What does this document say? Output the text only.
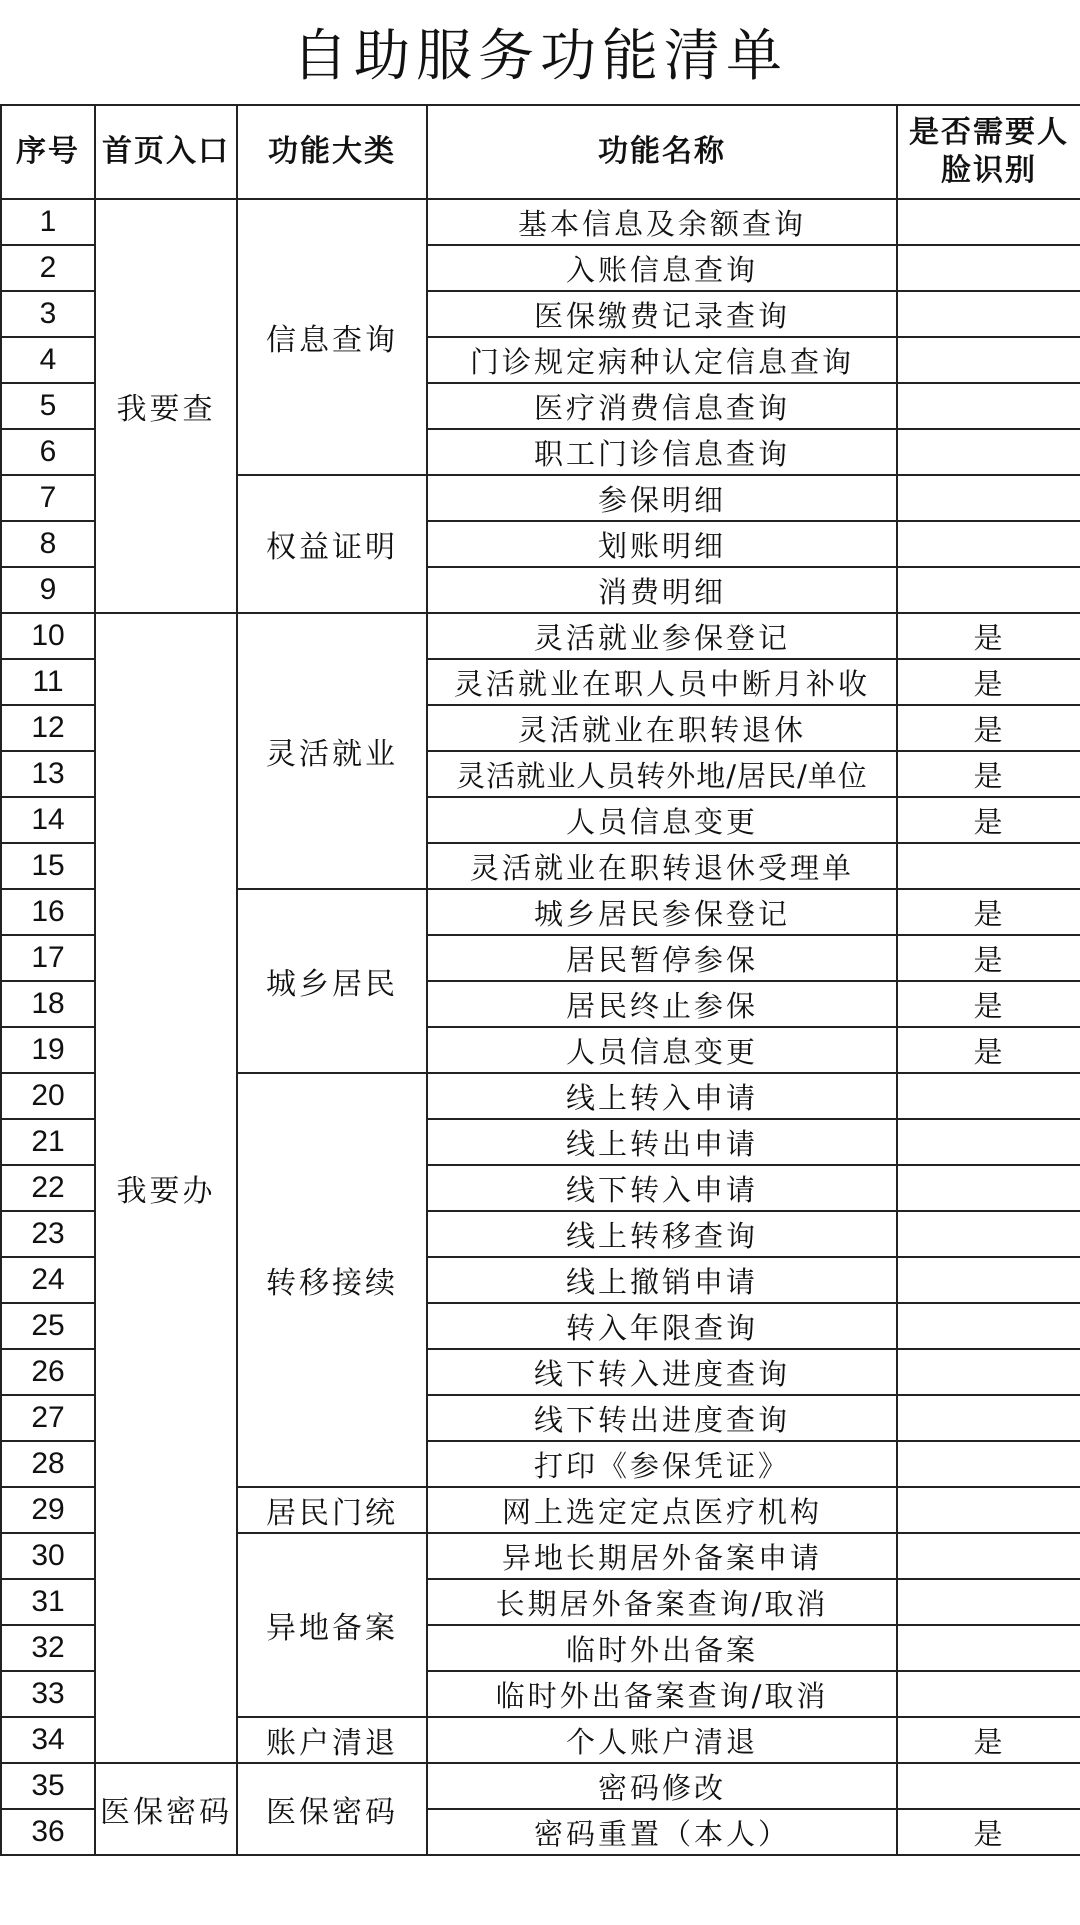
自助服务功能清单
序号	首页入口	功能大类	功能名称	是否需要人脸识别
1	我要查	信息查询	基本信息及余额查询	
2			入账信息查询	
3			医保缴费记录查询	
4			门诊规定病种认定信息查询	
5			医疗消费信息查询	
6			职工门诊信息查询	
7		权益证明	参保明细	
8			划账明细	
9			消费明细	
10	我要办	灵活就业	灵活就业参保登记	是
11			灵活就业在职人员中断月补收	是
12			灵活就业在职转退休	是
13			灵活就业人员转外地/居民/单位	是
14			人员信息变更	是
15			灵活就业在职转退休受理单	
16		城乡居民	城乡居民参保登记	是
17			居民暂停参保	是
18			居民终止参保	是
19			人员信息变更	是
20		转移接续	线上转入申请	
21			线上转出申请	
22			线下转入申请	
23			线上转移查询	
24			线上撤销申请	
25			转入年限查询	
26			线下转入进度查询	
27			线下转出进度查询	
28			打印《参保凭证》	
29		居民门统	网上选定定点医疗机构	
30		异地备案	异地长期居外备案申请	
31			长期居外备案查询/取消	
32			临时外出备案	
33			临时外出备案查询/取消	
34		账户清退	个人账户清退	是
35	医保密码	医保密码	密码修改	
36			密码重置（本人）	是
